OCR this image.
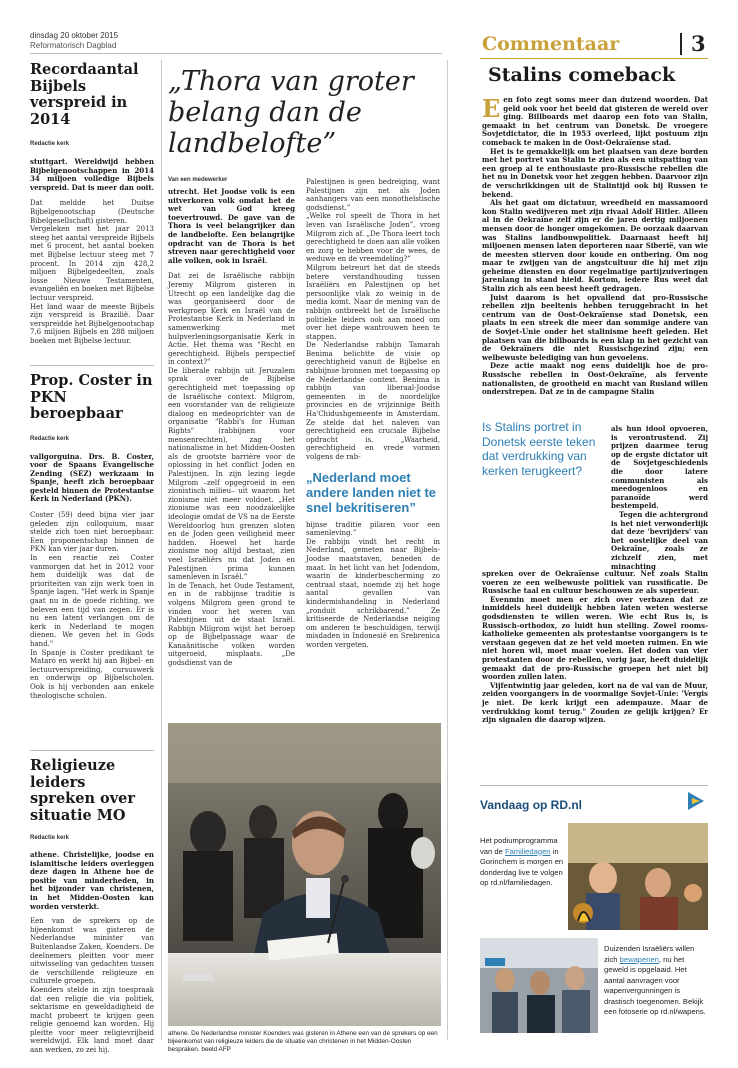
dinsdag 20 oktober 2015
Reformatorisch Dagblad	Commentaar	3
Recordaantal Bijbels verspreid in 2014
Redactie kerk

stuttgart. Wereldwijd hebben Bijbelgenootschappen in 2014 34 miljoen volledige Bijbels verspreid. Dat is meer dan ooit.

Dat meldde het Duitse Bijbelgenootschap (Deutsche Bibelgesellschaft) gisteren.

Vergeleken met het jaar 2013 steeg het aantal verspreide Bijbels met 6 procent, het aantal boeken met Bijbelse lectuur steeg met 7 procent. In 2014 zijn 428,2 miljoen Bijbelgedeelten, zoals losse Nieuwe Testamenten, evangeliën en boeken met Bijbelse lectuur verspreid.

Het land waar de meeste Bijbels zijn verspreid is Brazilië. Daar verspreidde het Bijbelgenootschap 7,6 miljoen Bijbels en 288 miljoen boeken met Bijbelse lectuur.

Prop. Coster in PKN beroepbaar
Redactie kerk

vallgorguina. Drs. B. Coster, voor de Spaans Evangelische Zending (SEZ) werkzaam in Spanje, heeft zich beroepbaar gesteld binnen de Protestantse Kerk in Nederland (PKN).

Coster (59) deed bijna vier jaar geleden zijn colloquium, maar stelde zich toen niet beroepbaar. Een proponentschap binnen de PKN kan vier jaar duren.

In een reactie zei Coster vanmorgen dat het in 2012 voor hem duidelijk was dat de prioriteiten van zijn werk toen in Spanje lagen. "Het werk in Spanje gaat nu in de goede richting, we beleven een tijd van zegen. Er is nu een latent verlangen om de kerk in Nederland te mogen dienen. We geven het in Gods hand."

In Spanje is Coster predikant te Mataró en werkt hij aan Bijbel- en lectuurverspreiding, cursuswerk en onderwijs op Bijbelscholen. Ook is hij verbonden aan enkele theologische scholen.

„Thora van groter belang dan de landbelofte”
Van een medewerker

utrecht. Het Joodse volk is een uitverkoren volk omdat het de wet van God kreeg toevertrouwd. De gave van de Thora is veel belangrijker dan de landbelofte. Een belangrijke opdracht van de Thora is het streven naar gerechtigheid voor alle volken, ook in Israël.

Dat zei de Israëlische rabbijn Jeremy Milgrom gisteren in Utrecht op een landelijke dag die was georganiseerd door de werkgroep Kerk en Israël van de Protestantse Kerk in Nederland in samenwerking met hulpverleningsorganisatie Kerk in Actie. Het thema was "Recht en gerechtigheid. Bijbels perspectief in context?"

De liberale rabbijn uit Jeruzalem sprak over de Bijbelse gerechtigheid met toepassing op de Israëlische context. Milgrom, een voorstander van de religieuze dialoog en medeoprichter van de organisatie "Rabbi's for Human Rights" (rabbijnen voor mensenrechten), zag het nationalisme in het Midden-Oosten als de grootste barrière voor de oplossing in het conflict Joden en Palestijnen. In zijn lezing legde Milgrom –zelf opgegroeid in een zionistisch milieu– uit waarom het zionisme niet meer voldoet. „Het zionisme was een noodzakelijke ideologie omdat de VS na de Eerste Wereldoorlog hun grenzen sloten en de Joden geen veiligheid meer hadden. Hoewel het harde zionisme nog altijd bestaat, zien veel Israëliërs nu dat Joden en Palestijnen prima kunnen samenleven in Israël.”

In de Tenach, het Oude Testament, en in de rabbijnse traditie is volgens Milgrom geen grond te vinden voor het weren van Palestijnen uit de staat Israël. Rabbijn Milgrom wijst het beroep op de Bijbelpassage waar de Kanaänitische volken worden uitgeroeid, misplaats. „De godsdienst van de

Palestijnen is geen bedreiging, want Palestijnen zijn net als Joden aanhangers van een monotheïstische godsdienst.”

„Welke rol speelt de Thora in het leven van Israëlische Joden”, vroeg Milgrom zich af. „De Thora leert toch gerechtigheid te doen aan alle volken en zorg te hebben voor de wees, de weduwe en de vreemdeling?”

Milgrom betreurt het dat de steeds betere verstandhouding tussen Israëliërs en Palestijnen op het persoonlijke vlak zo weinig in de media komt. Naar de mening van de rabbijn ontbreekt het de Israëlische politieke leiders ook aan moed om over het diepe wantrouwen heen te stappen.

De Nederlandse rabbijn Tamarah Benima belichtte de visie op gerechtigheid vanuit de Bijbelse en rabbijnse bronnen met toepassing op de Nederlandse context. Benima is rabbijn van liberaal-Joodse gemeenten in de noordelijke provincies en de vrijzinnige Beith Ha'Chidushgemeente in Amsterdam. Ze stelde dat het naleven van gerechtigheid een cruciale Bijbelse opdracht is. „Waarheid, gerechtigheid en vrede vormen volgens de rab-

„Nederland moet andere landen niet te snel bekritiseren”

bijnse traditie pilaren voor een samenleving.”

De rabbijn vindt het recht in Nederland, gemeten naar Bijbels-Joodse maatstaven, beneden de maat. In het licht van het Jodendom, waarin de kinderbescherming zo centraal staat, noemde zij het hoge aantal gevallen van kindermishandeling in Nederland „ronduit schrikbarend.” Ze kritiseerde de Nederlandse neiging om anderen te beschuldigen, terwijl misdaden in Indonesië en Srebrenica worden vergeten.

Religieuze leiders spreken over situatie MO
Redactie kerk

athene. Christelijke, joodse en islamitische leiders overleggen deze dagen in Athene hoe de positie van minderheden, in het bijzonder van christenen, in het Midden-Oosten kan worden versterkt.

Een van de sprekers op de bijeenkomst was gisteren de Nederlandse minister van Buitenlandse Zaken, Koenders. De deelnemers pleitten voor meer uitwisseling van gedachten tussen de verschillende religieuze en culturele groepen.

Koenders stelde in zijn toespraak dat een religie die via politiek, sektarisme en geweldadigheid de macht probeert te krijgen geen religie genoemd kan worden. Hij pleitte voor meer religievrijheid wereldwijd. Elk land moet daar aan werken, zo zei hij.

athene. De Nederlandse minister Koenders was gisteren in Athene een van de sprekers op een bijeenkomst van religieuze leiders die de situatie van christenen in het Midden-Oosten bespraken. beeld AFP
Stalins comeback

Een foto zegt soms meer dan duizend woorden. Dat geld ook voor het beeld dat gisteren de wereld over ging. Billboards met daarop een foto van Stalin, gemaakt in het centrum van Donetsk. De vroegere Sovjetdictator, die in 1953 overleed, lijkt postuum zijn comeback te maken in de Oost-Oekraïense stad.

Het is te gemakkelijk om het plaatsen van deze borden met het portret van Stalin te zien als een uitspatting van een groep al te enthousiaste pro-Russische rebellen die het nu in Donetsk voor het zeggen hebben. Daarvoor zijn de verschrikkingen uit de Stalintijd ook bij Russen te bekend.

Als het gaat om dictatuur, wreedheid en massamoord kon Stalin wedijveren met zijn rivaal Adolf Hitler. Alleen al in de Oekraïne zelf zijn er de jaren dertig miljoenen mensen door de honger omgekomen. De oorzaak daarvan was Stalins landbouwpolitiek. Daarnaast heeft hij miljoenen mensen laten deporteren naar Siberië, van wie de meesten stierven door koude en ontbering. Om nog maar te zwijgen van de angstcultuur die hij met zijn geheime diensten en door regelmatige partijzuiveringen jarenlang in stand hield. Kortom, iedere Rus weet dat Stalin zich als een beest heeft gedragen.

Juist daarom is het opvallend dat pro-Russische rebellen zijn beeltenis hebben teruggebracht in het centrum van de Oost-Oekraïense stad Donetsk, een plaats in een streek die meer dan sommige andere van de Sovjet-Unie onder het stalinisme heeft geleden. Het plaatsen van die billboards is een klap in het gezicht van de Oekraïners die niet Russischgezind zijn; een welbewuste belediging van hun gevoelens.

Deze actie maakt nog eens duidelijk hoe de pro-Russische rebellen in Oost-Oekraïne, als fervente nationalisten, de grootheid en macht van Rusland willen onderstrepen. Dat ze in de campagne Stalin

Is Stalins portret in Donetsk eerste teken dat verdrukking van kerken terugkeert?

als hun idool opvoeren, is verontrustend. Zij prijzen daarmee terug op de ergste dictator uit de Sovjetgeschiedenis die door latere communisten als meedogenloos en paranoïde werd bestempeld.

Tegen die achtergrond is het niet verwonderlijk dat deze 'bevrijders' van het oostelijke deel van Oekraïne, zoals ze zichzelf zien, met minachting

spreken over de Oekraïense cultuur. Net zoals Stalin voeren ze een welbewuste politiek van russificatie. De Russische taal en cultuur beschouwen ze als superieur.

Evenmin moet men er zich over verbazen dat ze inmiddels heel duidelijk hebben laten weten westerse godsdiensten te willen weren. Wie echt Rus is, is Russisch-orthodox, zo luidt hun stelling. Zowel rooms-katholieke gemeenten als protestantse voorgangers is te verstaan gegeven dat ze het veld moeten ruimen. En wie niet horen wil, moet maar voelen. Het doden van vier protestanten door de rebellen, vorig jaar, heeft duidelijk gemaakt dat de pro-Russische groepen het niet bij woorden zullen laten.

Vijfentwintig jaar geleden, kort na de val van de Muur, zeiden voorgangers in de voormalige Sovjet-Unie: 'Vergis je niet. De kerk krijgt een adempauze. Maar de verdrukking komt terug." Zouden ze gelijk krijgen? Er zijn signalen die daarop wijzen.

Vandaag op RD.nl
Het podiumprogramma van de Familiedagen in Gorinchem is morgen en donderdag live te volgen op rd.nl/familiedagen.
Duizenden Israëliërs willen zich bewapenen, nu het geweld is opgelaaid. Het aantal aanvragen voor wapenvergunningen is drastisch toegenomen. Bekijk een fotoserie op rd.nl/wapens.
